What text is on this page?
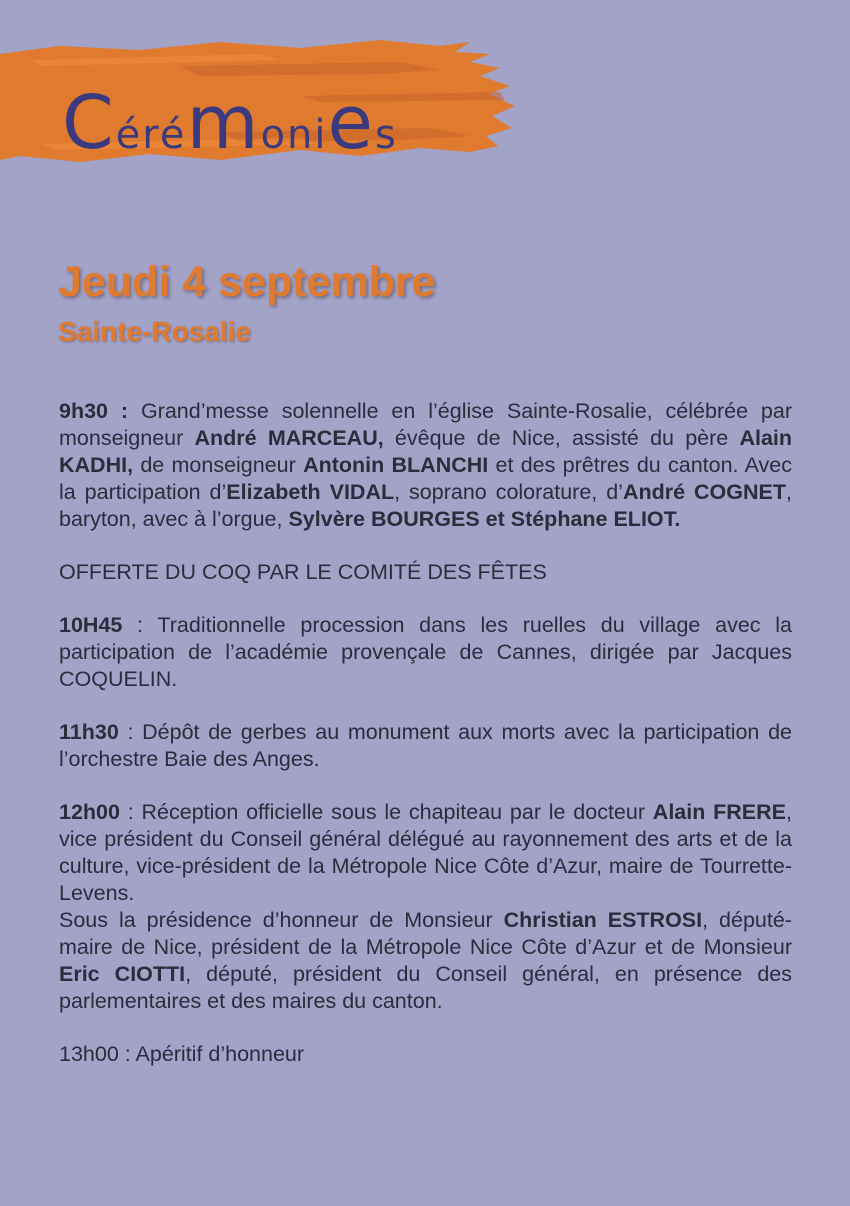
Cérémonies
Jeudi 4 septembre
Sainte-Rosalie

9h30 : Grand’messe solennelle en l’église Sainte-Rosalie, célébrée par monseigneur André MARCEAU, évêque de Nice, assisté du père Alain KADHI, de monseigneur Antonin BLANCHI et des prêtres du canton. Avec la participation d’Elizabeth VIDAL, soprano colorature, d’André COGNET, baryton, avec à l’orgue, Sylvère BOURGES et Stéphane ELIOT.

OFFERTE DU COQ PAR LE COMITÉ DES FÊTES

10H45 : Traditionnelle procession dans les ruelles du village avec la participation de l’académie provençale de Cannes, dirigée par Jacques COQUELIN.

11h30 : Dépôt de gerbes au monument aux morts avec la participation de l’orchestre Baie des Anges.

12h00 : Réception officielle sous le chapiteau par le docteur Alain FRERE, vice président du Conseil général délégué au rayonnement des arts et de la culture, vice-président de la Métropole Nice Côte d’Azur, maire de Tourrette-Levens.
Sous la présidence d’honneur de Monsieur Christian ESTROSI, député-maire de Nice, président de la Métropole Nice Côte d’Azur et de Monsieur Eric CIOTTI, député, président du Conseil général, en présence des parlementaires et des maires du canton.

13h00 : Apéritif d’honneur
